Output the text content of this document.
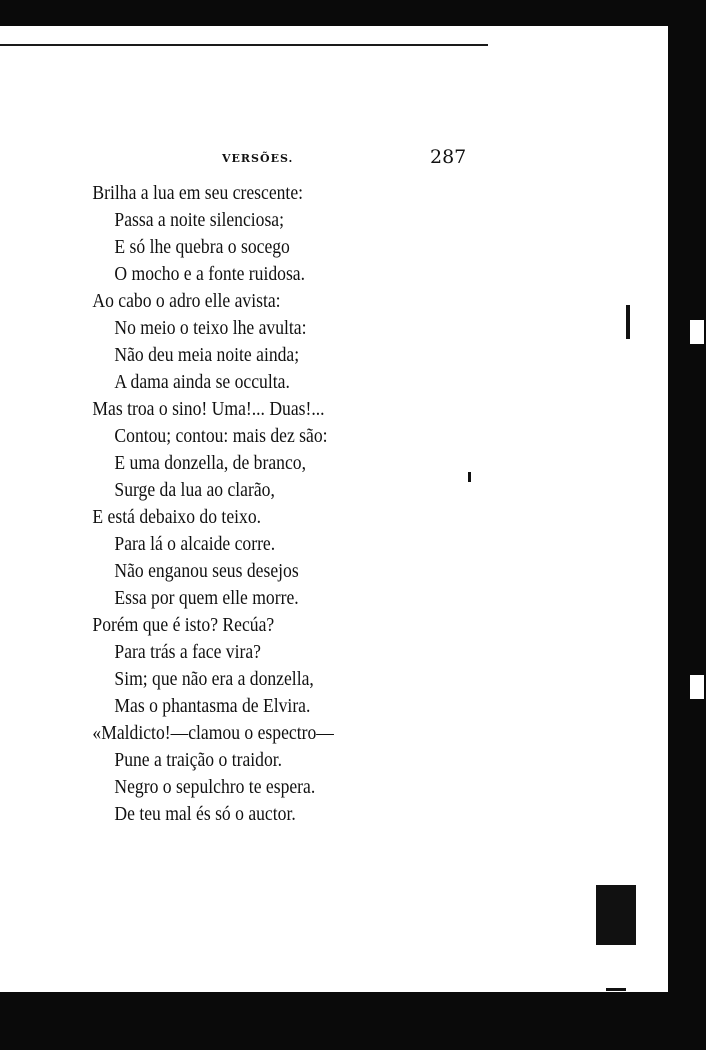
VERSÕES.	287
Brilha a lua em seu crescente:
Passa a noite silenciosa;
E só lhe quebra o socego
O mocho e a fonte ruidosa.
Ao cabo o adro elle avista:
No meio o teixo lhe avulta:
Não deu meia noite ainda;
A dama ainda se occulta.
Mas troa o sino! Uma!... Duas!...
Contou; contou: mais dez são:
E uma donzella, de branco,
Surge da lua ao clarão,
E está debaixo do teixo.
Para lá o alcaide corre.
Não enganou seus desejos
Essa por quem elle morre.
Porém que é isto? Recúa?
Para trás a face vira?
Sim; que não era a donzella,
Mas o phantasma de Elvira.
«Maldicto!—clamou o espectro—
Pune a traição o traidor.
Negro o sepulchro te espera.
De teu mal és só o auctor.
